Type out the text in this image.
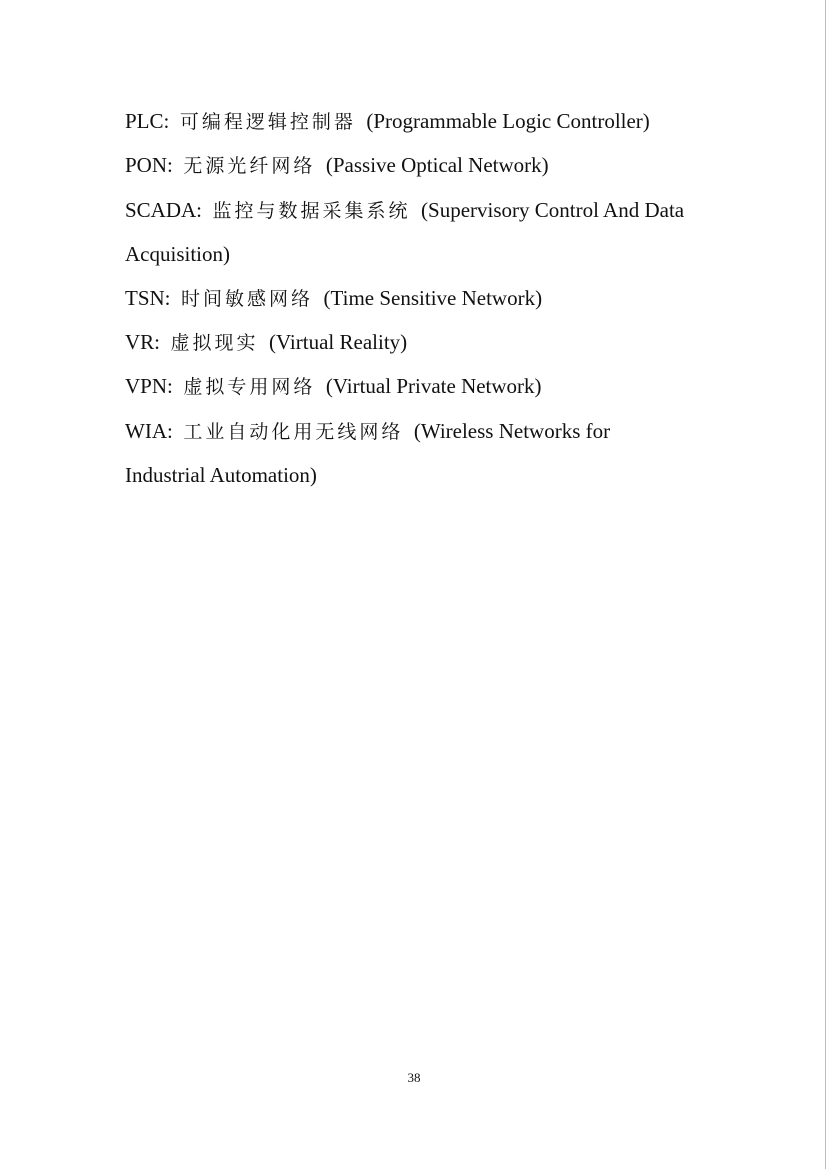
PLC: 可编程逻辑控制器 (Programmable Logic Controller)
PON: 无源光纤网络 (Passive Optical Network)
SCADA: 监控与数据采集系统 (Supervisory Control And Data Acquisition)
TSN: 时间敏感网络 (Time Sensitive Network)
VR: 虚拟现实 (Virtual Reality)
VPN: 虚拟专用网络 (Virtual Private Network)
WIA: 工业自动化用无线网络 (Wireless Networks for Industrial Automation)
38
